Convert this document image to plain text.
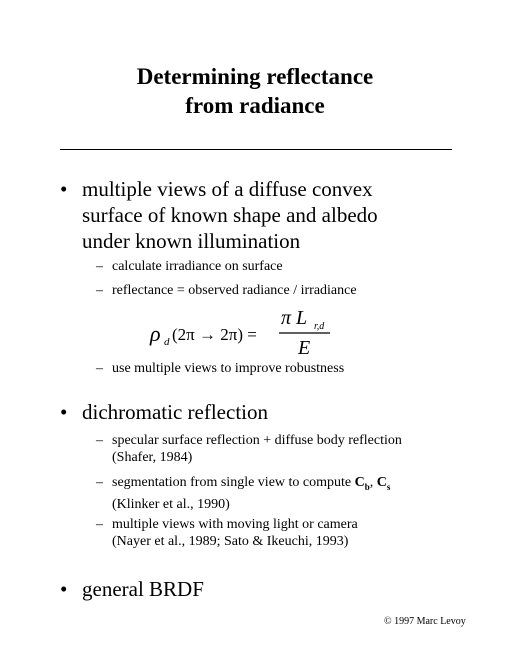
Determining reflectance
from radiance
• multiple views of a diffuse convex
surface of known shape and albedo
under known illumination
– calculate irradiance on surface
– reflectance = observed radiance / irradiance
ρ d (2π → 2π) =
π L r,d
E
– use multiple views to improve robustness
• dichromatic reflection
– specular surface reflection + diffuse body reflection
(Shafer, 1984)
– segmentation from single view to compute $C_b$, $C_s$
(Klinker et al., 1990)
– multiple views with moving light or camera
(Nayer et al., 1989; Sato & Ikeuchi, 1993)
• general BRDF
© 1997 Marc Levoy
